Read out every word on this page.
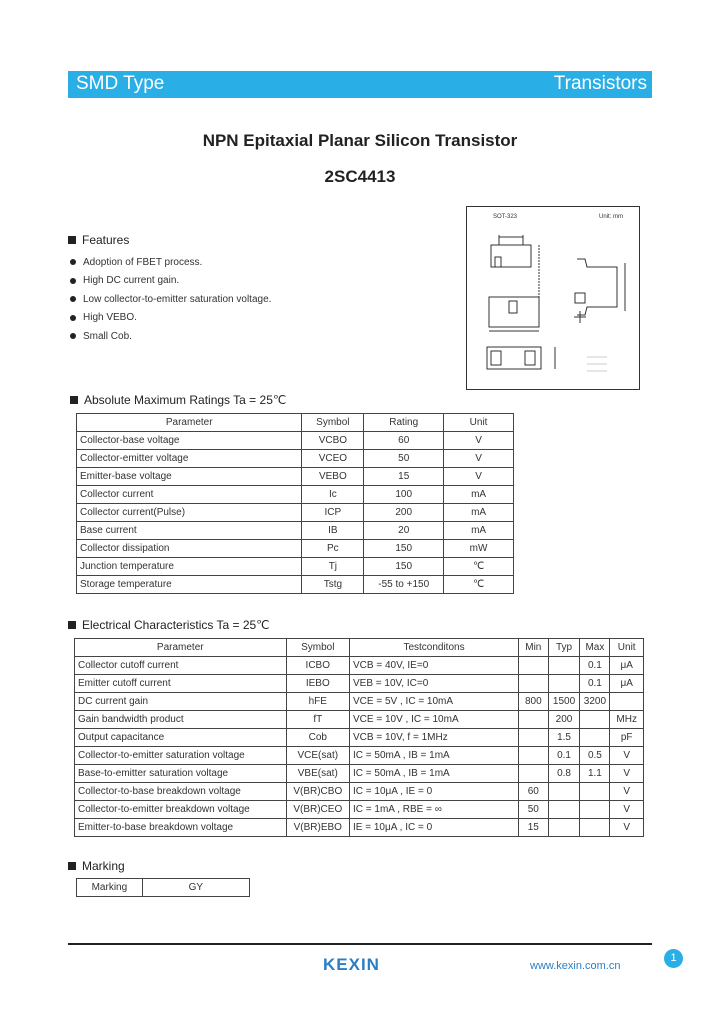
SMD Type	Transistors
NPN Epitaxial Planar Silicon Transistor
2SC4413
Features
Adoption of FBET process.
High DC current gain.
Low collector-to-emitter saturation voltage.
High VEBO.
Small Cob.
SOT-323	Unit: mm
Absolute Maximum Ratings Ta = 25℃
Parameter	Symbol	Rating	Unit
Collector-base voltage	VCBO	60	V
Collector-emitter voltage	VCEO	50	V
Emitter-base voltage	VEBO	15	V
Collector current	Ic	100	mA
Collector current(Pulse)	ICP	200	mA
Base current	IB	20	mA
Collector dissipation	Pc	150	mW
Junction temperature	Tj	150	℃
Storage temperature	Tstg	-55 to +150	℃
Electrical Characteristics Ta = 25℃
Parameter	Symbol	Testconditons	Min	Typ	Max	Unit
Collector cutoff current	ICBO	VCB = 40V, IE=0			0.1	μA
Emitter cutoff current	IEBO	VEB = 10V, IC=0			0.1	μA
DC current gain	hFE	VCE = 5V , IC = 10mA	800	1500	3200	
Gain bandwidth product	fT	VCE = 10V , IC = 10mA		200		MHz
Output capacitance	Cob	VCB = 10V, f = 1MHz		1.5		pF
Collector-to-emitter saturation voltage	VCE(sat)	IC = 50mA , IB = 1mA		0.1	0.5	V
Base-to-emitter saturation voltage	VBE(sat)	IC = 50mA , IB = 1mA		0.8	1.1	V
Collector-to-base breakdown voltage	V(BR)CBO	IC = 10μA , IE = 0	60			V
Collector-to-emitter breakdown voltage	V(BR)CEO	IC = 1mA , RBE = ∞	50			V
Emitter-to-base breakdown voltage	V(BR)EBO	IE = 10μA , IC = 0	15			V
Marking
Marking	GY
KEXIN	www.kexin.com.cn
1
